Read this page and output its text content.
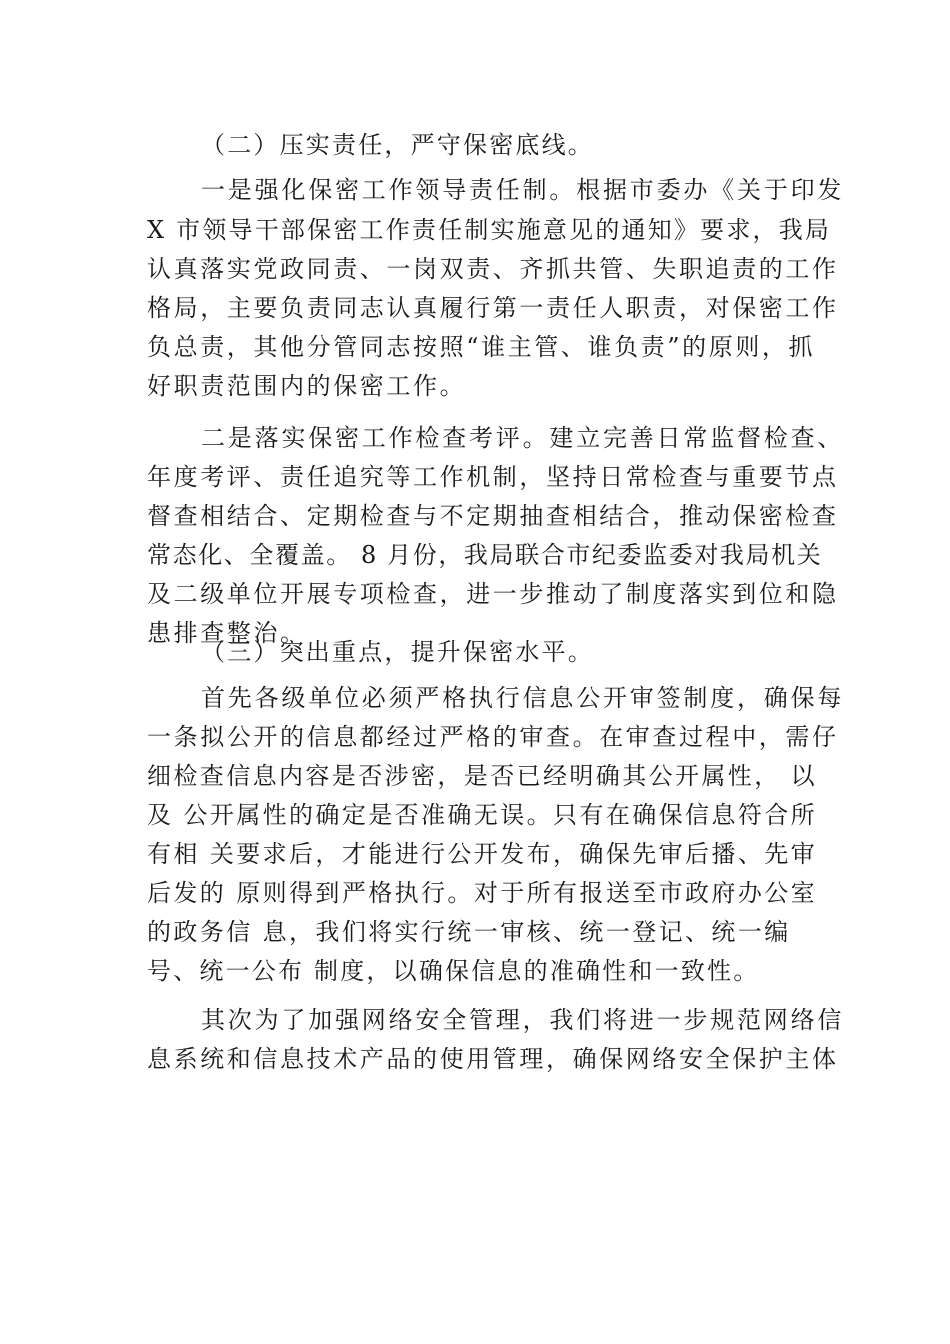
（二）压实责任，严守保密底线。
一是强化保密工作领导责任制。根据市委办《关于印发
X 市领导干部保密工作责任制实施意见的通知》要求，我局
认真落实党政同责、一岗双责、齐抓共管、失职追责的工作
格局，主要负责同志认真履行第一责任人职责，对保密工作
负总责，其他分管同志按照“谁主管、谁负责”的原则，抓
好职责范围内的保密工作。
二是落实保密工作检查考评。建立完善日常监督检查、
年度考评、责任追究等工作机制，坚持日常检查与重要节点
督查相结合、定期检查与不定期抽查相结合，推动保密检查
常态化、全覆盖。 8 月份，我局联合市纪委监委对我局机关
及二级单位开展专项检查，进一步推动了制度落实到位和隐
患排查整治。
（三）突出重点，提升保密水平。
首先各级单位必须严格执行信息公开审签制度，确保每
一条拟公开的信息都经过严格的审查。在审查过程中，需仔
细检查信息内容是否涉密，是否已经明确其公开属性， 以
及 公开属性的确定是否准确无误。只有在确保信息符合所
有相 关要求后，才能进行公开发布，确保先审后播、先审
后发的 原则得到严格执行。对于所有报送至市政府办公室
的政务信 息，我们将实行统一审核、统一登记、统一编
号、统一公布 制度，以确保信息的准确性和一致性。
其次为了加强网络安全管理，我们将进一步规范网络信
息系统和信息技术产品的使用管理，确保网络安全保护主体
